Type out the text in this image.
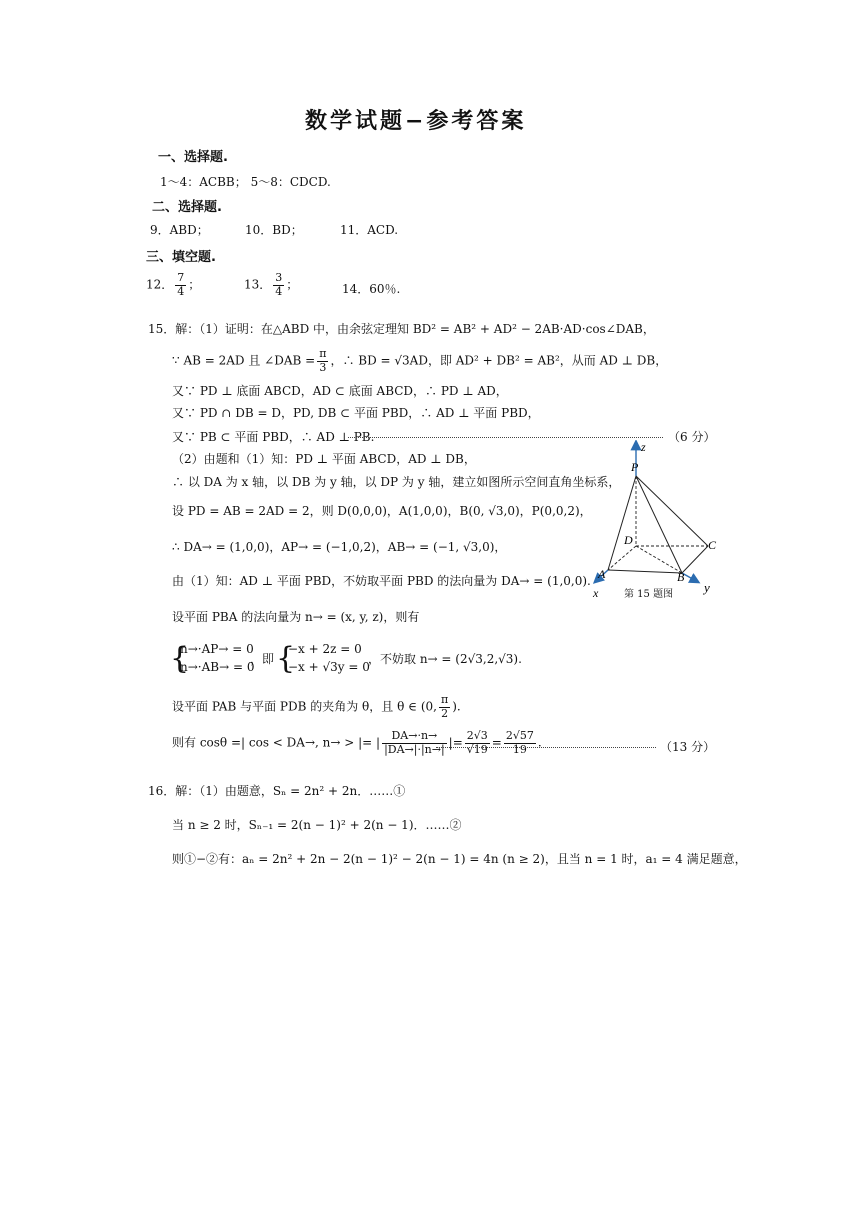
数学试题−参考答案
一、选择题.
1～4：ACBB； 5～8：CDCD.
二、选择题.
9．ABD；	10．BD；	11．ACD.
三、填空题.
12． $\frac{7}{4}$ ；	13． $\frac{3}{4}$ ；	14．60％.
15．解：（1）证明：在△ABD 中，由余弦定理知 BD² = AB² + AD² − 2AB·AD·cos∠DAB，
∵ AB = 2AD 且 ∠DAB = $\frac{\pi}{3}$ ，∴ BD = √3AD，即 AD² + DB² = AB²，从而 AD ⊥ DB，
又∵ PD ⊥ 底面 ABCD，AD ⊂ 底面 ABCD，∴ PD ⊥ AD，
又∵ PD ∩ DB = D，PD, DB ⊂ 平面 PBD，∴ AD ⊥ 平面 PBD，
又∵ PB ⊂ 平面 PBD，∴ AD ⊥ PB.	（6 分）
（2）由题和（1）知：PD ⊥ 平面 ABCD，AD ⊥ DB，
∴ 以 DA 为 x 轴，以 DB 为 y 轴，以 DP 为 y 轴，建立如图所示空间直角坐标系，
设 PD = AB = 2AD = 2，则 D(0,0,0)，A(1,0,0)，B(0, √3,0)，P(0,0,2)，
∴ DA→ = (1,0,0)，AP→ = (−1,0,2)，AB→ = (−1, √3,0)，
由（1）知：AD ⊥ 平面 PBD，不妨取平面 PBD 的法向量为 DA→ = (1,0,0).
设平面 PBA 的法向量为 n→ = (x, y, z)，则有
{
n→·AP→ = 0
n→·AB→ = 0
，即 {
−x + 2z = 0
−x + √3y = 0
，不妨取 n→ = (2√3,2,√3).
设平面 PAB 与平面 PDB 的夹角为 θ，且 θ ∈ (0, $\frac{\pi}{2}$ ).
则有 cosθ =| cos < DA→, n→ > |= | $\frac{DA\to\cdot n\to}{|DA\to|\cdot|n\to|}$ |= $\frac{2√3}{√19} = \frac{2√57}{19}$ .	（13 分）
P
D	C
A	B
x	y
z
第 15 题图
16．解：（1）由题意，Sₙ = 2n² + 2n．……①
当 n ≥ 2 时，Sₙ₋₁ = 2(n − 1)² + 2(n − 1)．……②
则①−②有：aₙ = 2n² + 2n − 2(n − 1)² − 2(n − 1) = 4n (n ≥ 2)，且当 n = 1 时，a₁ = 4 满足题意，
